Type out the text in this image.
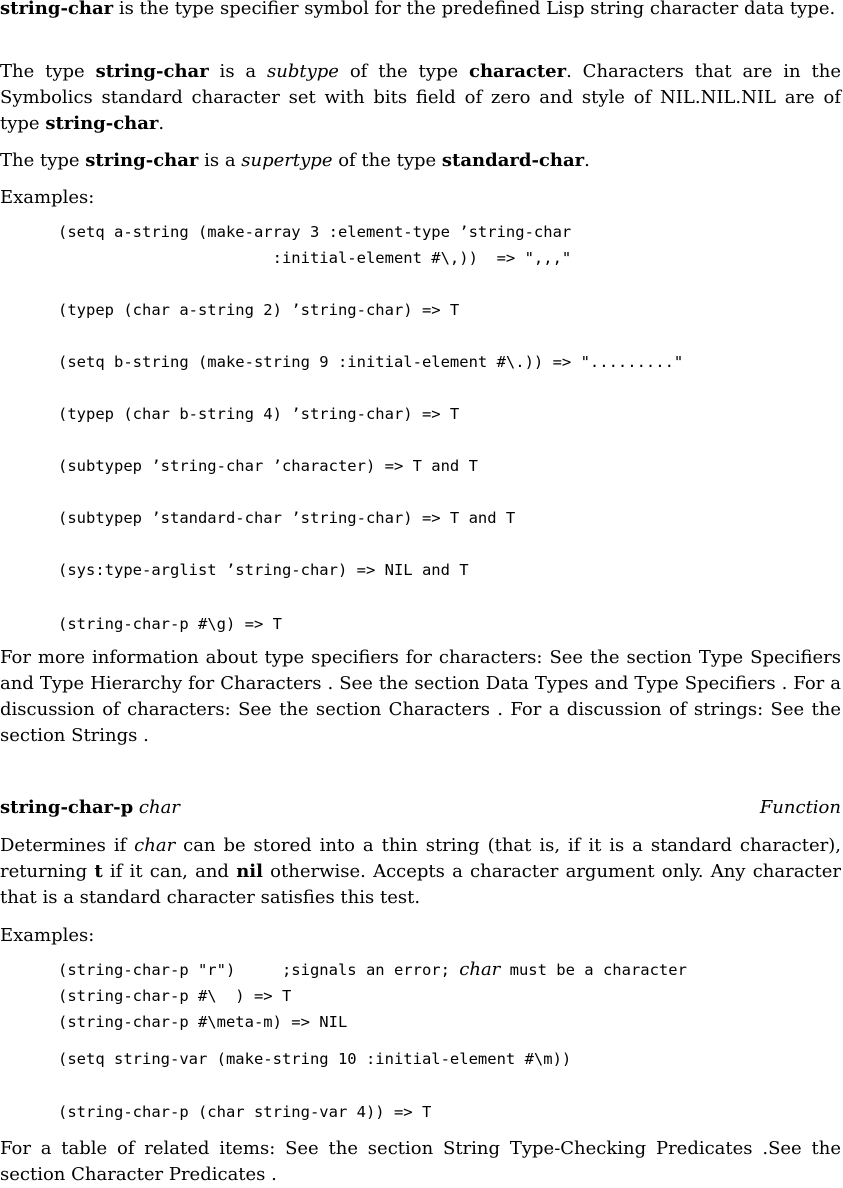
string-char is the type specifier symbol for the predefined Lisp string character data type.

The type string-char is a subtype of the type character. Characters that are in the Symbolics standard character set with bits field of zero and style of NIL.NIL.NIL are of type string-char.

The type string-char is a supertype of the type standard-char.

Examples:

(setq a-string (make-array 3 :element-type ’string-char
:initial-element #\,))  => ",,,"
(typep (char a-string 2) ’string-char) => T
(setq b-string (make-string 9 :initial-element #\.)) => "........."
(typep (char b-string 4) ’string-char) => T
(subtypep ’string-char ’character) => T and T
(subtypep ’standard-char ’string-char) => T and T
(sys:type-arglist ’string-char) => NIL and T
(string-char-p #\g) => T

For more information about type specifiers for characters: See the section Type Specifiers and Type Hierarchy for Characters . See the section Data Types and Type Specifiers . For a discussion of characters: See the section Characters . For a discussion of strings: See the section Strings .

string-char-p char	Function

Determines if char can be stored into a thin string (that is, if it is a standard character), returning t if it can, and nil otherwise. Accepts a character argument only. Any character that is a standard character satisfies this test.

Examples:

(string-char-p "r")     ;signals an error; char must be a character
(string-char-p #\  ) => T
(string-char-p #\meta-m) => NIL
(setq string-var (make-string 10 :initial-element #\m))
(string-char-p (char string-var 4)) => T

For a table of related items: See the section String Type-Checking Predicates .See the section Character Predicates .
